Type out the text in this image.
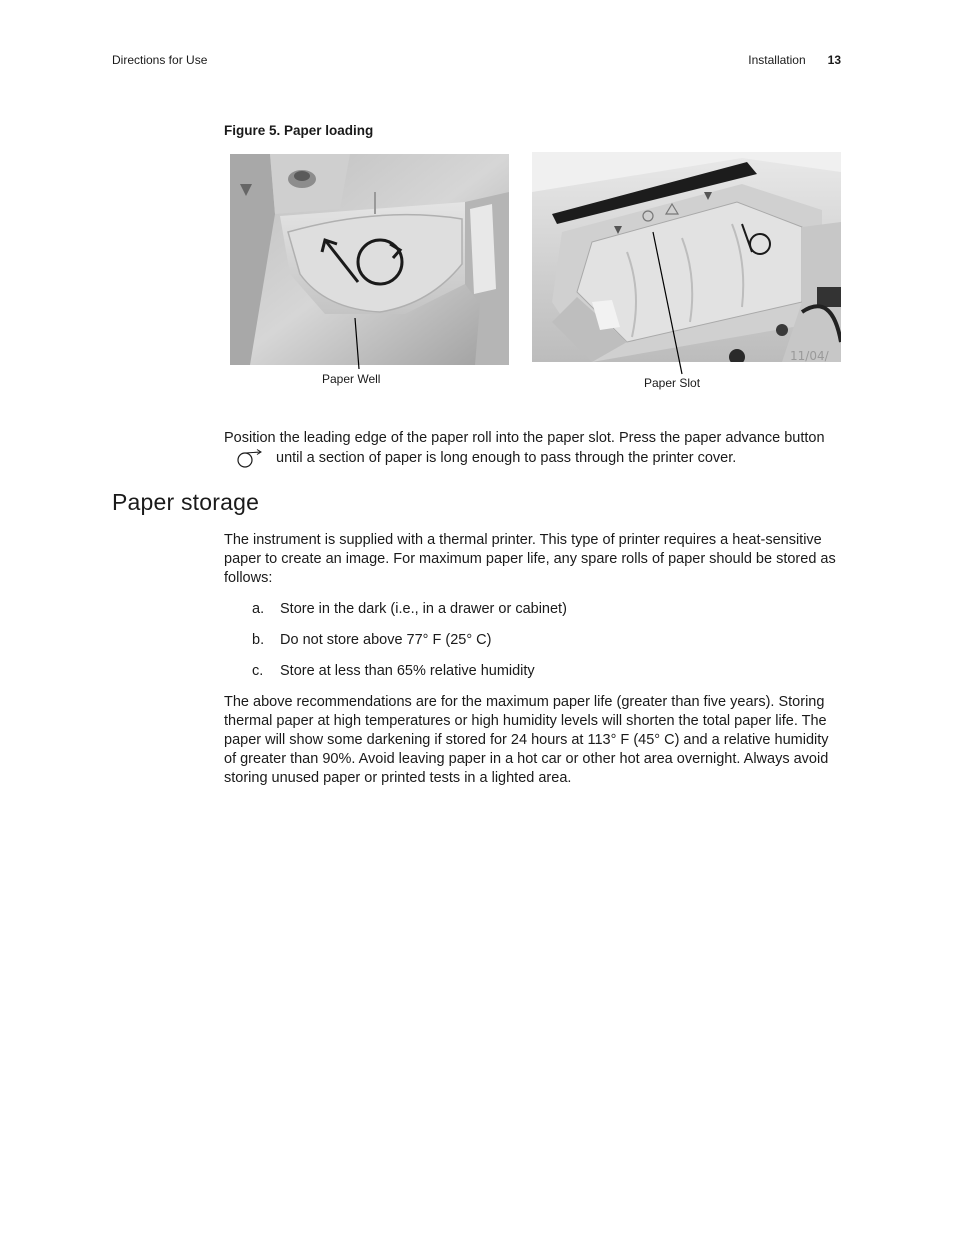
Directions for Use	Installation 13
Figure 5. Paper loading
11/04/
Paper Well	Paper Slot
Position the leading edge of the paper roll into the paper slot. Press the paper advance buttonuntil a section of paper is long enough to pass through the printer cover.
Paper storage
The instrument is supplied with a thermal printer. This type of printer requires a heat-sensitive paper to create an image. For maximum paper life, any spare rolls of paper should be stored as follows:
a. Store in the dark (i.e., in a drawer or cabinet)
b. Do not store above 77° F (25° C)
c. Store at less than 65% relative humidity
The above recommendations are for the maximum paper life (greater than five years). Storing thermal paper at high temperatures or high humidity levels will shorten the total paper life. The paper will show some darkening if stored for 24 hours at 113° F (45° C) and a relative humidity of greater than 90%. Avoid leaving paper in a hot car or other hot area overnight. Always avoid storing unused paper or printed tests in a lighted area.
